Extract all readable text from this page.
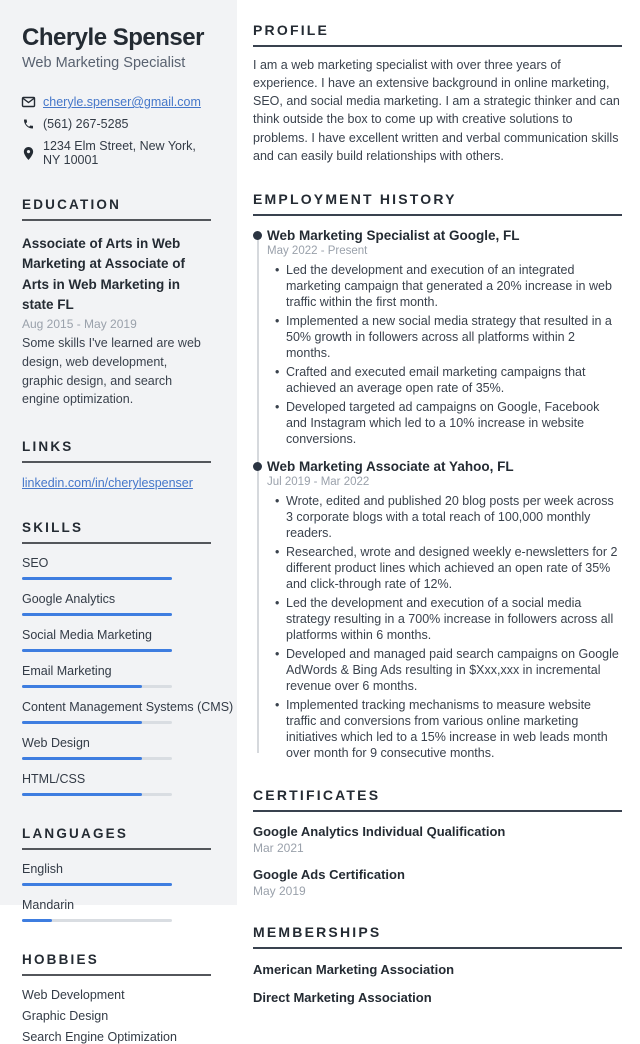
Cheryle Spenser
Web Marketing Specialist
cheryle.spenser@gmail.com
(561) 267-5285
1234 Elm Street, New York, NY 10001
EDUCATION
Associate of Arts in Web Marketing at Associate of Arts in Web Marketing in state FL
Aug 2015 - May 2019
Some skills I've learned are web design, web development, graphic design, and search engine optimization.
LINKS
linkedin.com/in/cherylespenser
SKILLS
SEO
Google Analytics
Social Media Marketing
Email Marketing
Content Management Systems (CMS)
Web Design
HTML/CSS
LANGUAGES
English
Mandarin
HOBBIES
Web Development
Graphic Design
Search Engine Optimization
PROFILE

I am a web marketing specialist with over three years of experience. I have an extensive background in online marketing, SEO, and social media marketing. I am a strategic thinker and can think outside the box to come up with creative solutions to problems. I have excellent written and verbal communication skills and can easily build relationships with others.

EMPLOYMENT HISTORY
Web Marketing Specialist at Google, FL
May 2022 - Present
• Led the development and execution of an integrated marketing campaign that generated a 20% increase in web traffic within the first month.
• Implemented a new social media strategy that resulted in a 50% growth in followers across all platforms within 2 months.
• Crafted and executed email marketing campaigns that achieved an average open rate of 35%.
• Developed targeted ad campaigns on Google, Facebook and Instagram which led to a 10% increase in website conversions.
Web Marketing Associate at Yahoo, FL
Jul 2019 - Mar 2022
• Wrote, edited and published 20 blog posts per week across 3 corporate blogs with a total reach of 100,000 monthly readers.
• Researched, wrote and designed weekly e-newsletters for 2 different product lines which achieved an open rate of 35% and click-through rate of 12%.
• Led the development and execution of a social media strategy resulting in a 700% increase in followers across all platforms within 6 months.
• Developed and managed paid search campaigns on Google AdWords & Bing Ads resulting in $Xxx,xxx in incremental revenue over 6 months.
• Implemented tracking mechanisms to measure website traffic and conversions from various online marketing initiatives which led to a 15% increase in web leads month over month for 9 consecutive months.
CERTIFICATES
Google Analytics Individual Qualification
Mar 2021
Google Ads Certification
May 2019
MEMBERSHIPS
American Marketing Association
Direct Marketing Association
